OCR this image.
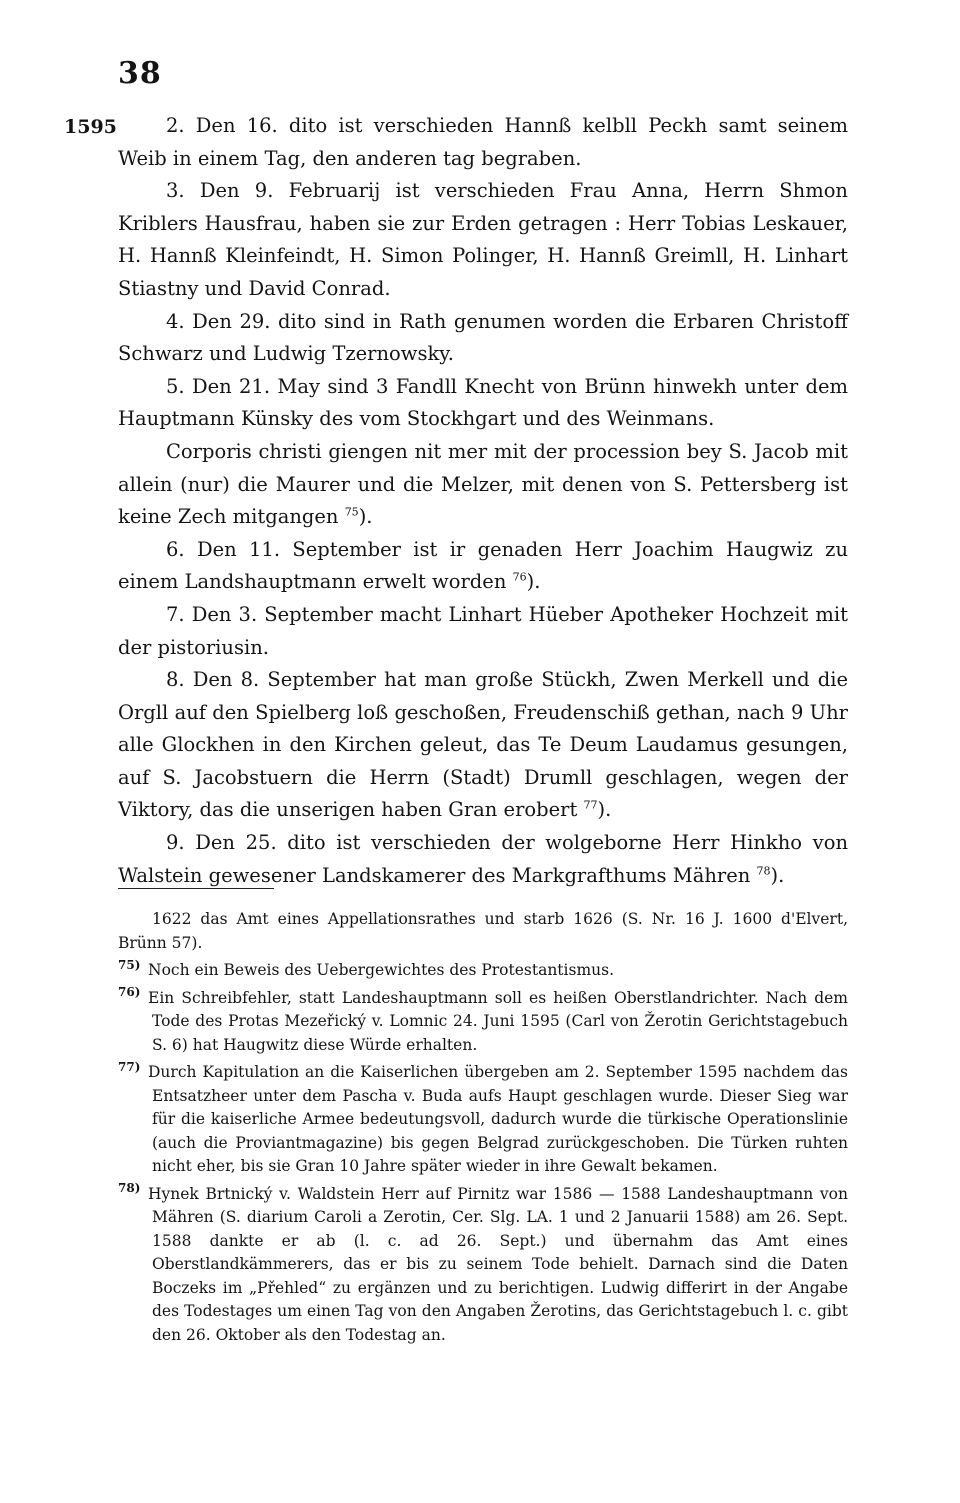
38
1595	2. Den 16. dito ist verschieden Hannß kelbll Peckh samt seinem Weib in einem Tag, den anderen tag begraben.

3. Den 9. Februarij ist verschieden Frau Anna, Herrn Shmon Kriblers Hausfrau, haben sie zur Erden getragen : Herr Tobias Leskauer, H. Hannß Kleinfeindt, H. Simon Polinger, H. Hannß Greimll, H. Linhart Stiastny und David Conrad.

4. Den 29. dito sind in Rath genumen worden die Erbaren Christoff Schwarz und Ludwig Tzernowsky.

5. Den 21. May sind 3 Fandll Knecht von Brünn hinwekh unter dem Hauptmann Künsky des vom Stockhgart und des Weinmans.

Corporis christi giengen nit mer mit der procession bey S. Jacob mit allein (nur) die Maurer und die Melzer, mit denen von S. Pettersberg ist keine Zech mitgangen $^{75}$).

6. Den 11. September ist ir genaden Herr Joachim Haugwiz zu einem Landshauptmann erwelt worden $^{76}$).

7. Den 3. September macht Linhart Hüeber Apotheker Hochzeit mit der pistoriusin.

8. Den 8. September hat man große Stückh, Zwen Merkell und die Orgll auf den Spielberg loß geschoßen, Freudenschiß gethan, nach 9 Uhr alle Glockhen in den Kirchen geleut, das Te Deum Laudamus gesungen, auf S. Jacobstuern die Herrn (Stadt) Drumll geschlagen, wegen der Viktory, das die unserigen haben Gran erobert $^{77}$).

9. Den 25. dito ist verschieden der wolgeborne Herr Hinkho von Walstein gewesener Landskamerer des Markgrafthums Mähren $^{78}$).

1622 das Amt eines Appellationsrathes und starb 1626 (S. Nr. 16 J. 1600 d'Elvert, Brünn 57).

75) Noch ein Beweis des Uebergewichtes des Protestantismus.

76) Ein Schreibfehler, statt Landeshauptmann soll es heißen Oberstlandrichter. Nach dem Tode des Protas Mezeřický v. Lomnic 24. Juni 1595 (Carl von Žerotin Gerichtstagebuch S. 6) hat Haugwitz diese Würde erhalten.

77) Durch Kapitulation an die Kaiserlichen übergeben am 2. September 1595 nachdem das Entsatzheer unter dem Pascha v. Buda aufs Haupt geschlagen wurde. Dieser Sieg war für die kaiserliche Armee bedeutungsvoll, dadurch wurde die türkische Operationslinie (auch die Proviantmagazine) bis gegen Belgrad zurückgeschoben. Die Türken ruhten nicht eher, bis sie Gran 10 Jahre später wieder in ihre Gewalt bekamen.

78) Hynek Brtnický v. Waldstein Herr auf Pirnitz war 1586 — 1588 Landeshauptmann von Mähren (S. diarium Caroli a Zerotin, Cer. Slg. LA. 1 und 2 Januarii 1588) am 26. Sept. 1588 dankte er ab (l. c. ad 26. Sept.) und übernahm das Amt eines Oberstlandkämmerers, das er bis zu seinem Tode behielt. Darnach sind die Daten Boczeks im „Přehled“ zu ergänzen und zu berichtigen. Ludwig differirt in der Angabe des Todestages um einen Tag von den Angaben Žerotins, das Gerichtstagebuch l. c. gibt den 26. Oktober als den Todestag an.
